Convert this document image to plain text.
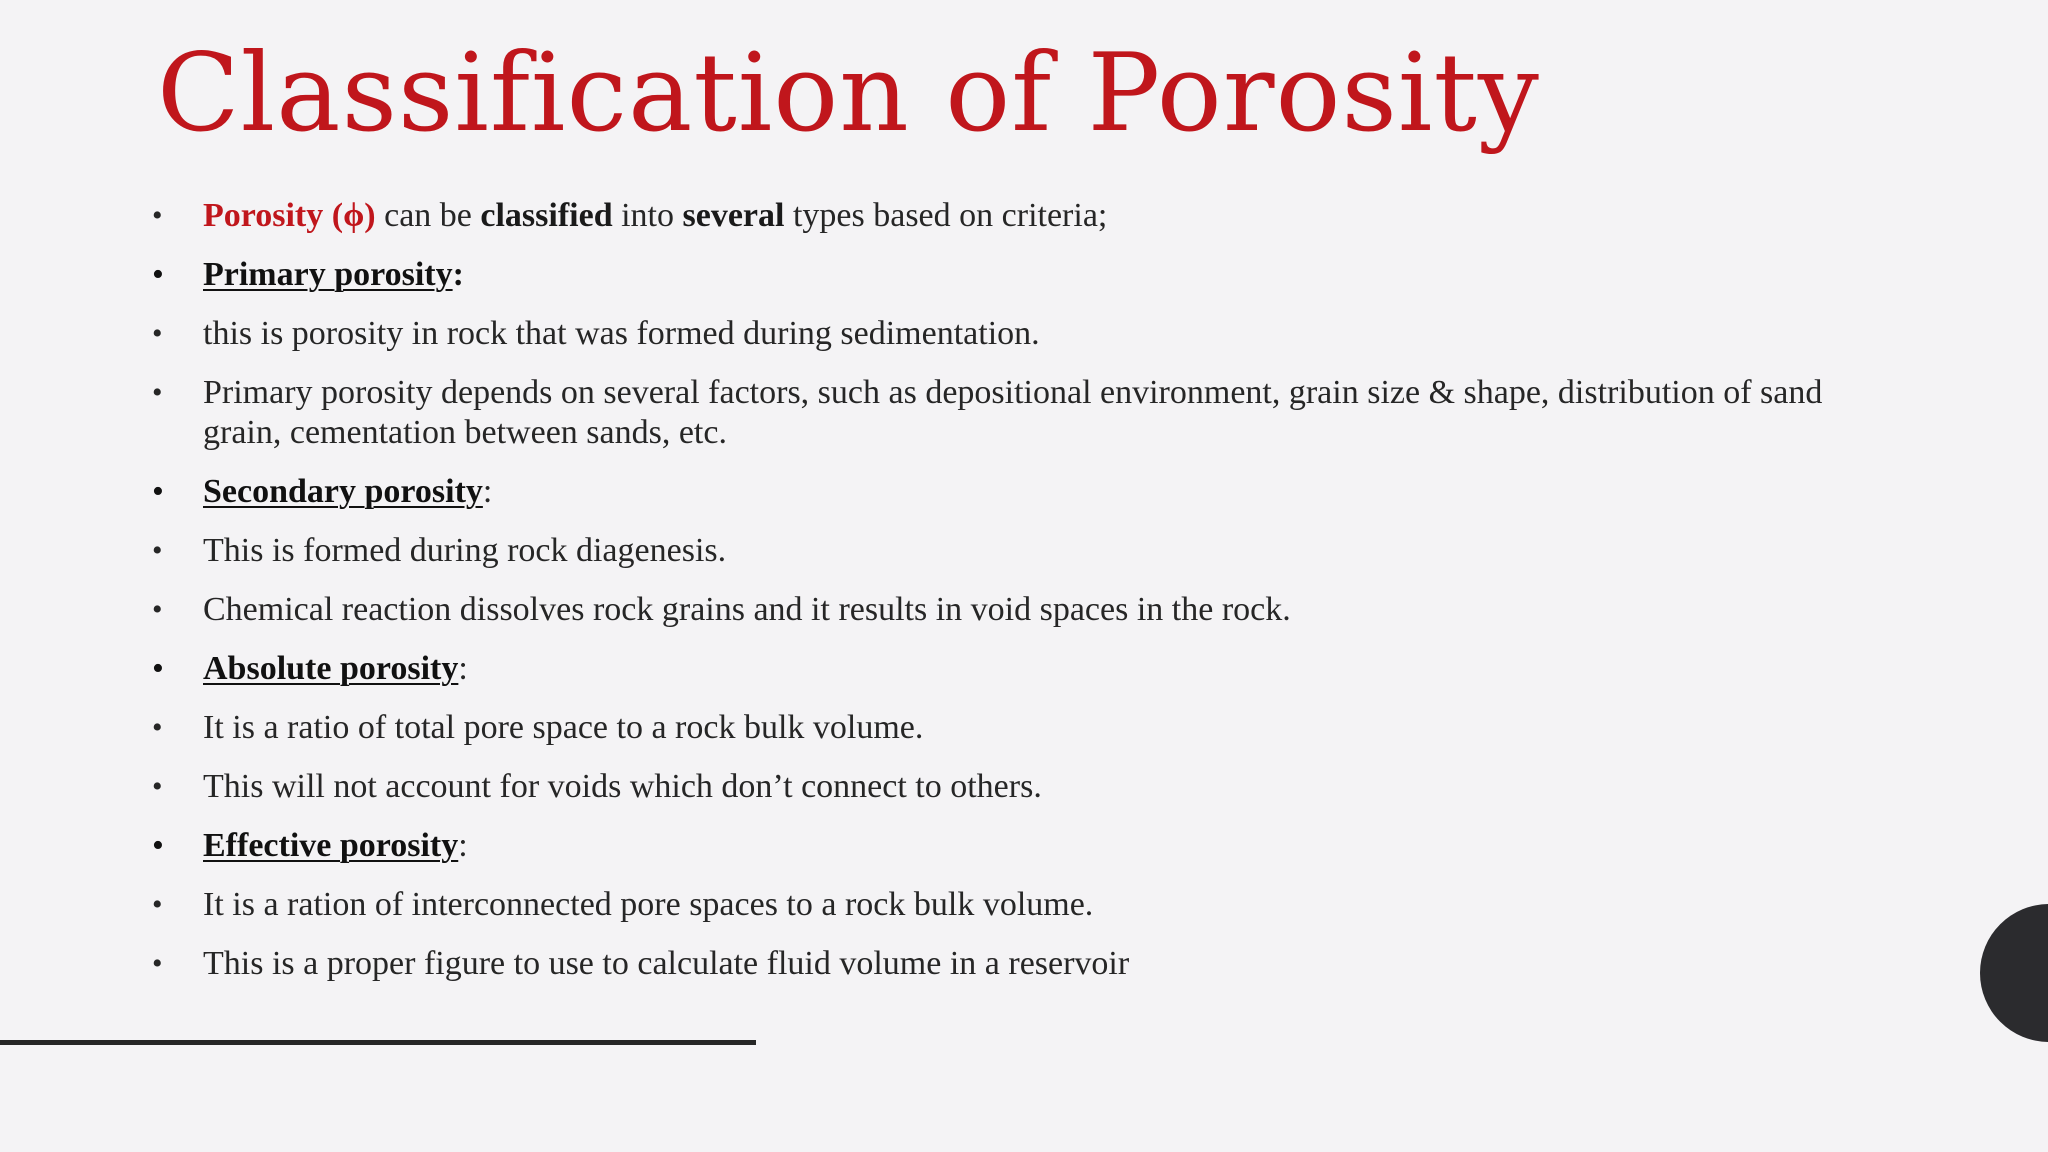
Classification of Porosity
• Porosity (ϕ) can be classified into several types based on criteria;
• Primary porosity:
• this is porosity in rock that was formed during sedimentation.
• Primary porosity depends on several factors, such as depositional environment, grain size & shape, distribution of sand grain, cementation between sands, etc.
• Secondary porosity:
• This is formed during rock diagenesis.
• Chemical reaction dissolves rock grains and it results in void spaces in the rock.
• Absolute porosity:
• It is a ratio of total pore space to a rock bulk volume.
• This will not account for voids which don’t connect to others.
• Effective porosity:
• It is a ration of interconnected pore spaces to a rock bulk volume.
• This is a proper figure to use to calculate fluid volume in a reservoir
